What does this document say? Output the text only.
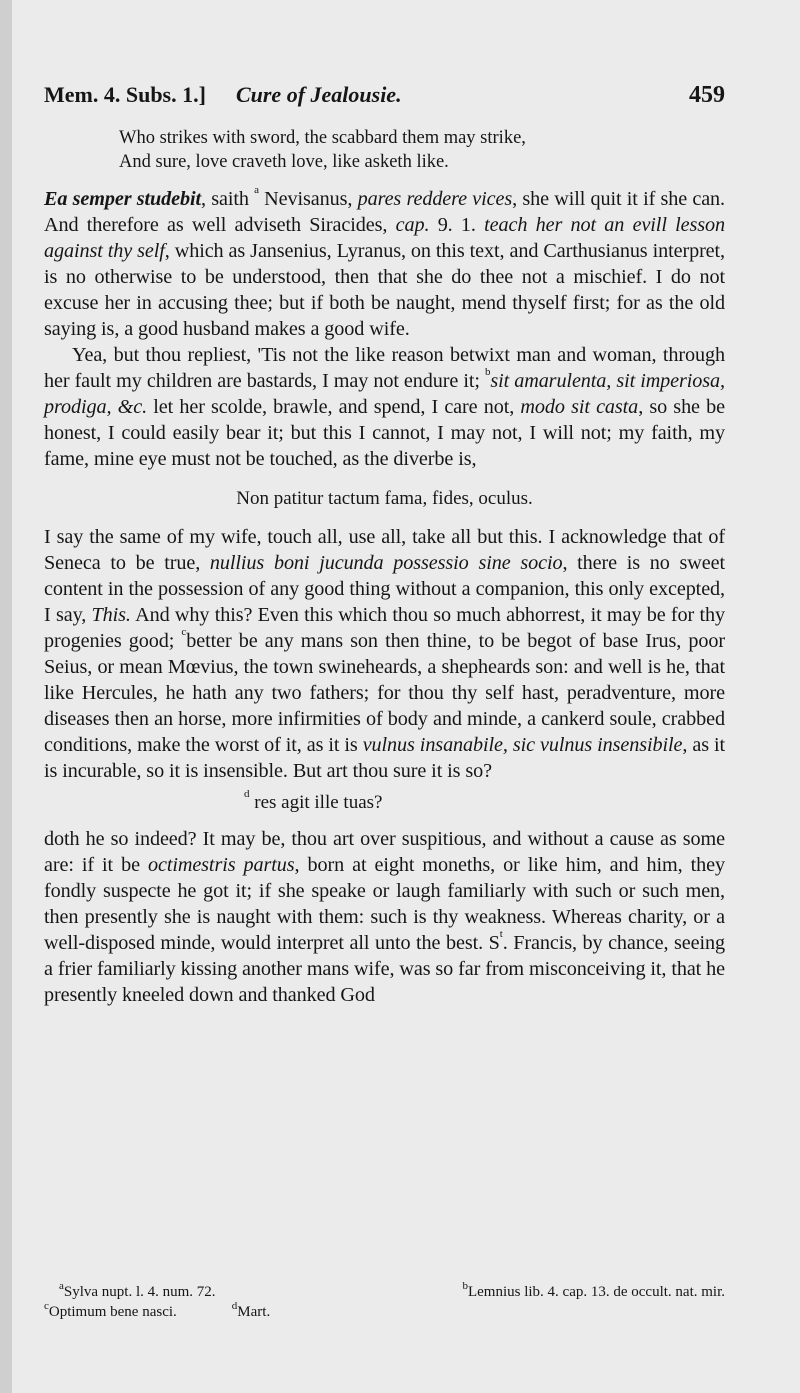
Mem. 4. Subs. 1.] Cure of Jealousie.	459
Who strikes with sword, the scabbard them may strike,
And sure, love craveth love, like asketh like.

Ea semper studebit, saith $^a$ Nevisanus, pares reddere vices, she will quit it if she can. And therefore as well adviseth Siracides, cap. 9. 1. teach her not an evill lesson against thy self, which as Jansenius, Lyranus, on this text, and Carthusianus interpret, is no otherwise to be understood, then that she do thee not a mischief. I do not excuse her in accusing thee; but if both be naught, mend thyself first; for as the old saying is, a good husband makes a good wife.

Yea, but thou repliest, 'Tis not the like reason betwixt man and woman, through her fault my children are bastards, I may not endure it; $^b$sit amarulenta, sit imperiosa, prodiga, &c. let her scolde, brawle, and spend, I care not, modo sit casta, so she be honest, I could easily bear it; but this I cannot, I may not, I will not; my faith, my fame, mine eye must not be touched, as the diverbe is,

Non patitur tactum fama, fides, oculus.

I say the same of my wife, touch all, use all, take all but this. I acknowledge that of Seneca to be true, nullius boni jucunda possessio sine socio, there is no sweet content in the possession of any good thing without a companion, this only excepted, I say, This. And why this? Even this which thou so much abhorrest, it may be for thy progenies good; $^c$better be any mans son then thine, to be begot of base Irus, poor Seius, or mean Mœvius, the town swineheards, a shepheards son: and well is he, that like Hercules, he hath any two fathers; for thou thy self hast, peradventure, more diseases then an horse, more infirmities of body and minde, a cankerd soule, crabbed conditions, make the worst of it, as it is vulnus insanabile, sic vulnus insensibile, as it is incurable, so it is insensible. But art thou sure it is so?

$^d$ res agit ille tuas?

doth he so indeed? It may be, thou art over suspitious, and without a cause as some are: if it be octimestris partus, born at eight moneths, or like him, and him, they fondly suspecte he got it; if she speake or laugh familiarly with such or such men, then presently she is naught with them: such is thy weakness. Whereas charity, or a well-disposed minde, would interpret all unto the best. $S^t$. Francis, by chance, seeing a frier familiarly kissing another mans wife, was so far from misconceiving it, that he presently kneeled down and thanked God

$^a$Sylva nupt. l. 4. num. 72.	$^b$Lemnius lib. 4. cap. 13. de occult. nat. mir.
$^c$Optimum bene nasci.	$^d$Mart.
